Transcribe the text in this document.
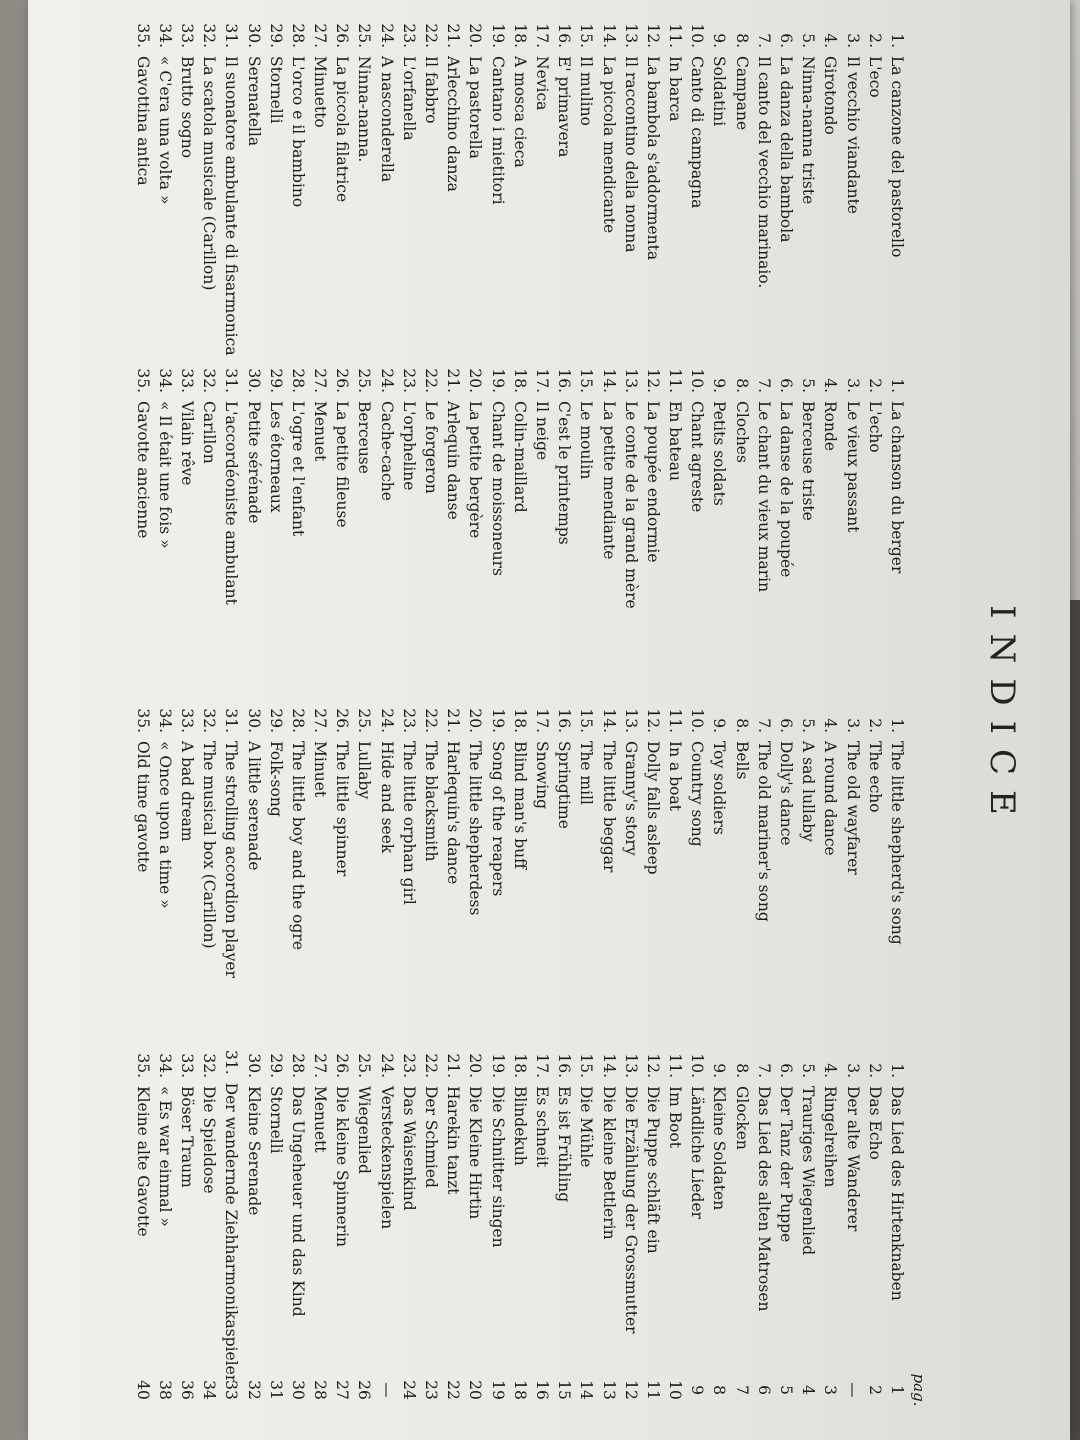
INDICE
pag.
1.
La canzone del pastorello
2.
L'eco
3.
Il vecchio viandante
4.
Girotondo
5.
Ninna-nanna triste
6.
La danza della bambola
7.
Il canto del vecchio marinaio.
8.
Campane
9.
Soldatini
10.
Canto di campagna
11.
In barca
12.
La bambola s'addormenta
13.
Il raccontino della nonna
14.
La piccola mendicante
15.
Il mulino
16.
E' primavera
17.
Nevica
18.
A mosca cieca
19.
Cantano i mietitori
20.
La pastorella
21.
Arlecchino danza
22.
Il fabbro
23.
L'orfanella
24.
A nasconderella
25.
Ninna-nanna.
26.
La piccola filatrice
27.
Minuetto
28.
L'orco e il bambino
29.
Stornelli
30.
Serenatella
31.
Il suonatore ambulante di fisarmonica
32.
La scatola musicale (Carillon)
33.
Brutto sogno
34.
« C'era una volta »
35.
Gavottina antica
1.
La chanson du berger
2.
L'echo
3.
Le vieux passant
4.
Ronde
5.
Berceuse triste
6.
La danse de la poupée
7.
Le chant du vieux marin
8.
Cloches
9.
Petits soldats
10.
Chant agreste
11.
En bateau
12.
La poupée endormie
13.
Le conte de la grand mère
14.
La petite mendiante
15.
Le moulin
16.
C'est le printemps
17.
Il neige
18.
Colin-maillard
19.
Chant de moissoneurs
20.
La petite bergère
21.
Arlequin danse
22.
Le forgeron
23.
L'orpheline
24.
Cache-cache
25.
Berceuse
26.
La petite fileuse
27.
Menuet
28.
L'ogre et l'enfant
29.
Les étorneaux
30.
Petite sérénade
31.
L'accordéoniste ambulant
32.
Carillon
33.
Vilain rêve
34.
« Il était une fois »
35.
Gavotte ancienne
1.
The little shepherd's song
2.
The echo
3.
The old wayfarer
4.
A round dance
5.
A sad lullaby
6.
Dolly's dance
7.
The old mariner's song
8.
Bells
9.
Toy soldiers
10.
Country song
11.
In a boat
12.
Dolly falls asleep
13.
Granny's story
14.
The little beggar
15.
The mill
16.
Springtime
17.
Snowing
18.
Blind man's buff
19.
Song of the reapers
20.
The little shepherdess
21.
Harlequin's dance
22.
The blacksmith
23.
The little orphan girl
24.
Hide and seek
25.
Lullaby
26.
The little spinner
27.
Minuet
28.
The little boy and the ogre
29.
Folk-song
30.
A little serenade
31.
The strolling accordion player
32.
The musical box (Carillon)
33.
A bad dream
34.
« Once upon a time »
35.
Old time gavotte
1.
Das Lied des Hirtenknaben
2.
Das Echo
3.
Der alte Wanderer
4.
Ringelreihen
5.
Trauriges Wiegenlied
6.
Der Tanz der Puppe
7.
Das Lied des alten Matrosen
8.
Glocken
9.
Kleine Soldaten
10.
Ländliche Lieder
11.
Im Boot
12.
Die Puppe schläft ein
13.
Die Erzählung der Grossmutter
14.
Die kleine Bettlerin
15.
Die Mühle
16.
Es ist Frühling
17.
Es schneit
18.
Blindekuh
19.
Die Schnitter singen
20.
Die Kleine Hirtin
21.
Harekin tanzt
22.
Der Schmied
23.
Das Waisenkind
24.
Versteckenspielen
25.
Wiegenlied
26.
Die kleine Spinnerin
27.
Menuett
28.
Das Ungeheuer und das Kind
29.
Stornelli
30.
Kleine Serenade
31.
Der wandernde Ziehharmonikaspieler
32.
Die Spieldose
33.
Böser Traum
34.
« Es war einmal »
35.
Kleine alte Gavotte
1
2
—
3
4
5
6
7
8
9
10
11
12
13
14
15
16
18
19
20
22
23
24
—
26
27
28
30
31
32
33
34
36
38
40
